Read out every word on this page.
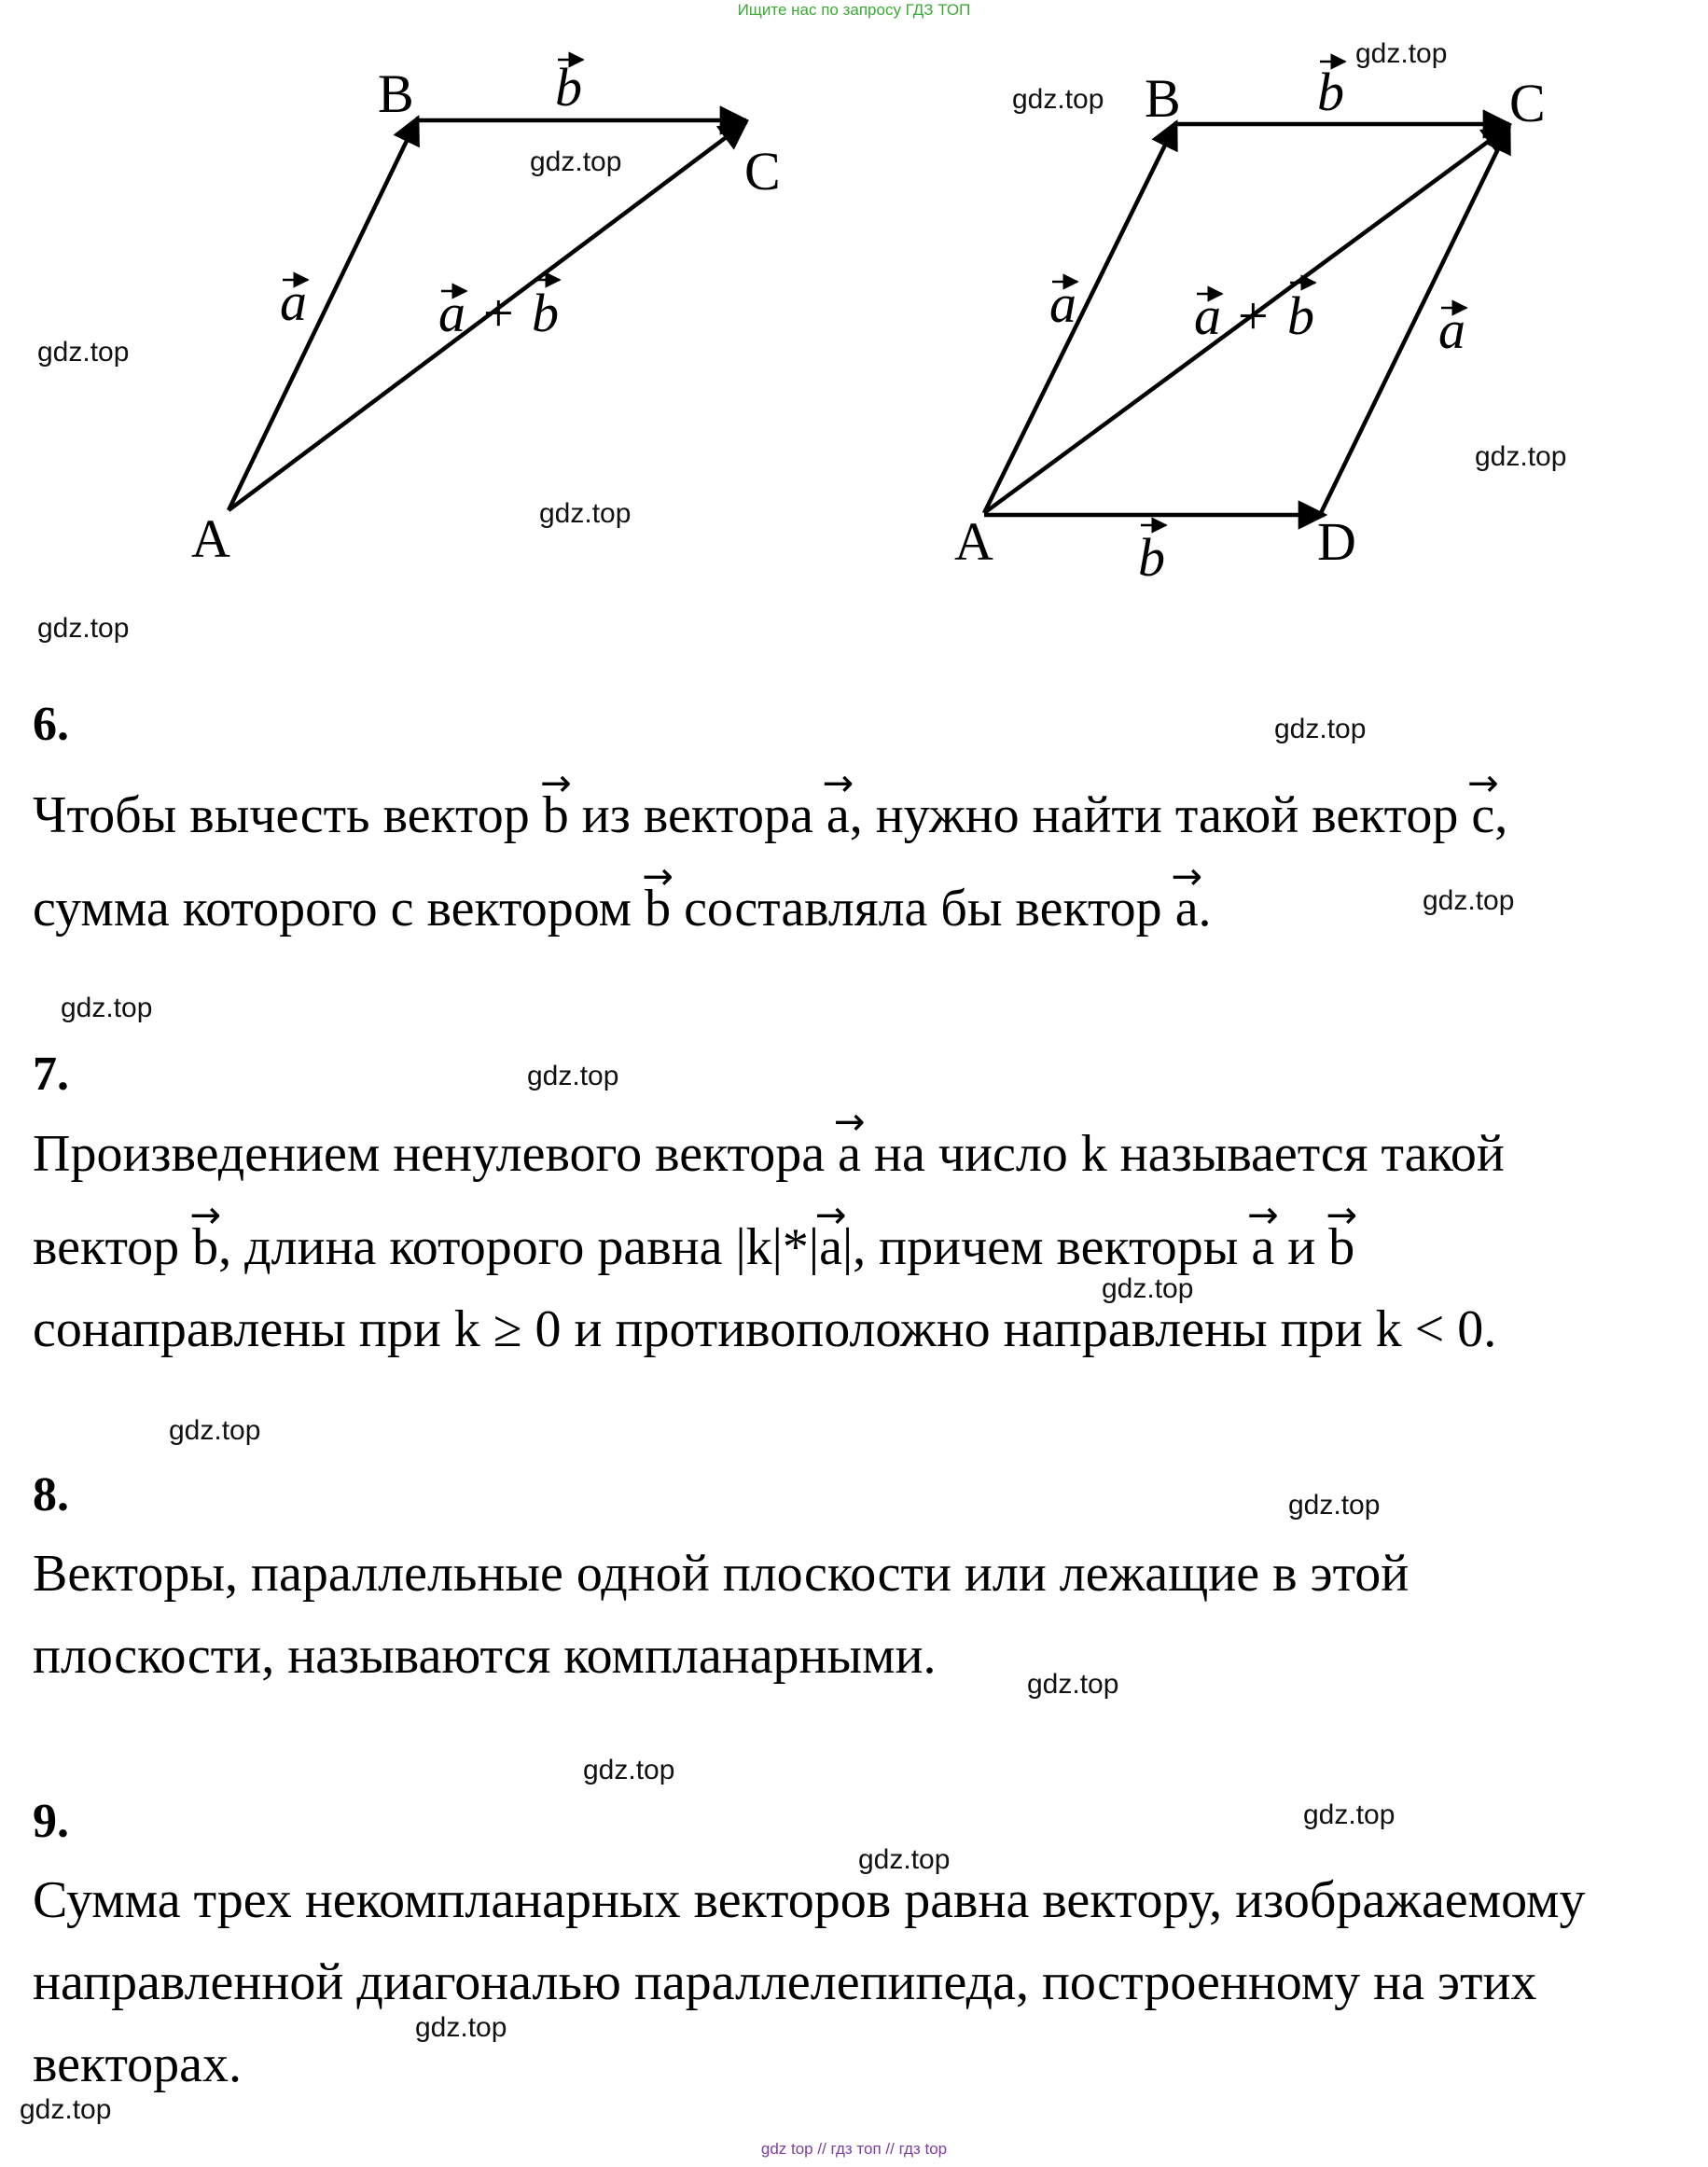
Ищите нас по запросу ГДЗ ТОП
A
B
C
a
b
a + b
A
B	C
D
a	a
b
b
a + b
6.
Чтобы вычесть вектор → b из вектора → a, нужно найти такой вектор → c,
сумма которого с вектором → b составляла бы вектор → a.
7.
Произведением ненулевого вектора → a на число k называется такой
вектор → b, длина которого равна |k|*|→ a|, причем векторы → a и → b
сонаправлены при k ≥ 0 и противоположно направлены при k < 0.
8.
Векторы, параллельные одной плоскости или лежащие в этой
плоскости, называются компланарными.
9.
Сумма трех некомпланарных векторов равна вектору, изображаемому
направленной диагональю параллелепипеда, построенному на этих
векторах.
gdz.top
gdz.top
gdz.top
gdz.top
gdz.top
gdz.top
gdz.top
gdz.top
gdz.top
gdz.top
gdz.top
gdz.top
gdz.top
gdz.top
gdz.top
gdz.top
gdz.top
gdz.top
gdz.top
gdz.top
gdz top // гдз топ // гдз top
